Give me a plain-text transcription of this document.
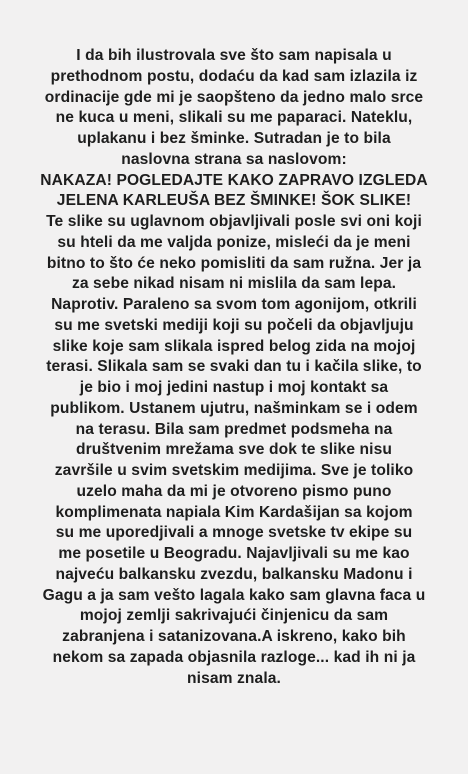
I da bih ilustrovala sve što sam napisala u
prethodnom postu, dodaću da kad sam izlazila iz
ordinacije gde mi je saopšteno da jedno malo srce
ne kuca u meni, slikali su me paparaci. Nateklu,
uplakanu i bez šminke. Sutradan je to bila
naslovna strana sa naslovom:
NAKAZA! POGLEDAJTE KAKO ZAPRAVO IZGLEDA
JELENA KARLEUŠA BEZ ŠMINKE! ŠOK SLIKE!
Te slike su uglavnom objavljivali posle svi oni koji
su hteli da me valjda ponize, misleći da je meni
bitno to što će neko pomisliti da sam ružna. Jer ja
za sebe nikad nisam ni mislila da sam lepa.
Naprotiv. Paraleno sa svom tom agonijom, otkrili
su me svetski mediji koji su počeli da objavljuju
slike koje sam slikala ispred belog zida na mojoj
terasi. Slikala sam se svaki dan tu i kačila slike, to
je bio i moj jedini nastup i moj kontakt sa
publikom. Ustanem ujutru, našminkam se i odem
na terasu. Bila sam predmet podsmeha na
društvenim mrežama sve dok te slike nisu
završile u svim svetskim medijima. Sve je toliko
uzelo maha da mi je otvoreno pismo puno
komplimenata napiala Kim Kardašijan sa kojom
su me uporedjivali a mnoge svetske tv ekipe su
me posetile u Beogradu. Najavljivali su me kao
najveću balkansku zvezdu, balkansku Madonu i
Gagu a ja sam vešto lagala kako sam glavna faca u
mojoj zemlji sakrivajući činjenicu da sam
zabranjena i satanizovana.A iskreno, kako bih
nekom sa zapada objasnila razloge... kad ih ni ja
nisam znala.
